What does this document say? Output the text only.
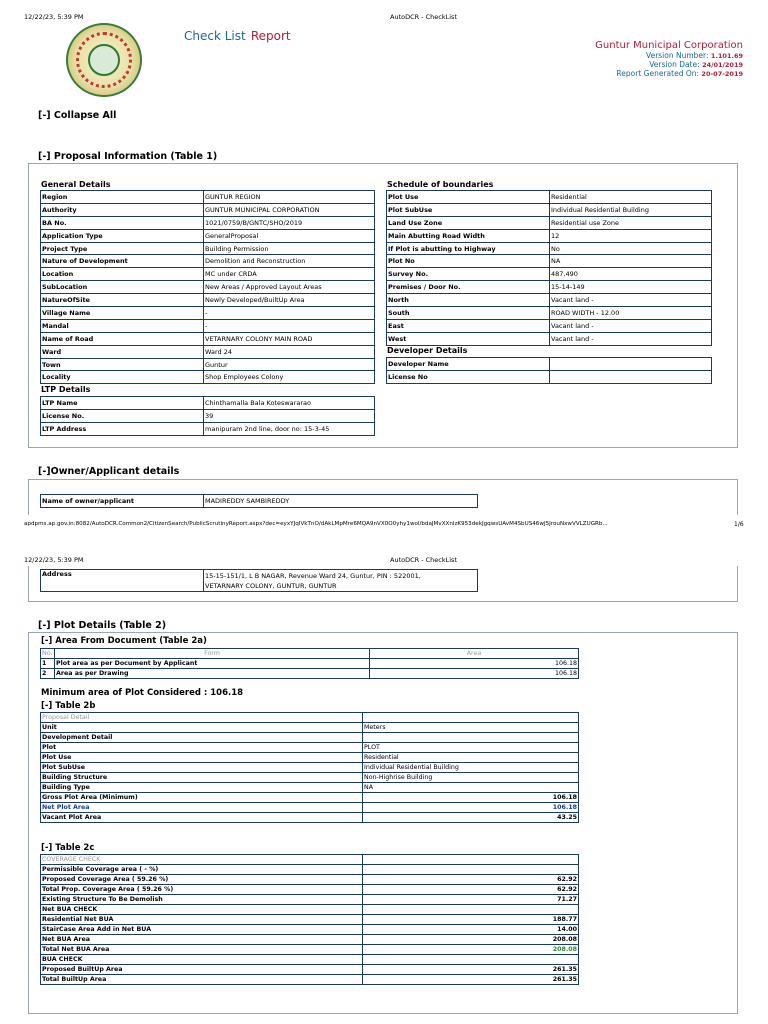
12/22/23, 5:39 PM	AutoDCR - CheckList
Check List Report
Guntur Municipal Corporation
Version Number: 1.101.69
Version Date: 24/01/2019
Report Generated On: 20-07-2019
[-] Collapse All
[-] Proposal Information (Table 1)
General Details
Region	GUNTUR REGION
Authority	GUNTUR MUNICIPAL CORPORATION
BA No.	1021/0759/B/GNTC/SHO/2019
Application Type	GeneralProposal
Project Type	Building Permission
Nature of Development	Demolition and Reconstruction
Location	MC under CRDA
SubLocation	New Areas / Approved Layout Areas
NatureOfSite	Newly Developed/BuiltUp Area
Village Name	-
Mandal	-
Name of Road	VETARNARY COLONY MAIN ROAD
Ward	Ward 24
Town	Guntur
Locality	Shop Employees Colony
LTP Details
LTP Name	Chinthamalla Bala Koteswararao
License No.	39
LTP Address	manipuram 2nd line, door no: 15-3-45
Schedule of boundaries
Plot Use	Residential
Plot SubUse	Individual Residential Building
Land Use Zone	Residential use Zone
Main Abutting Road Width	12
If Plot is abutting to Highway	No
Plot No	NA
Survey No.	487,490
Premises / Door No.	15-14-149
North	Vacant land -
South	ROAD WIDTH - 12.00
East	Vacant land -
West	Vacant land -
Developer Details
Developer Name	
License No	
[-]Owner/Applicant details
Name of owner/applicant	MADIREDDY SAMBIREDDY
apdpms.ap.gov.in:8082/AutoDCR.Common2/CitizenSearch/PublicScrutinyReport.aspx?dec=eyxYJqIVkTnO/dAkLMpMre6MQA9nVX0O0yhy1wol/bdaJMvXXnlzK953dekJgqwsUAvM4SbUS46wJ5JrouNxwVVLZUGRb...	1/6
12/22/23, 5:39 PM	AutoDCR - CheckList
Address	15-15-151/1, L B NAGAR, Revenue Ward 24, Guntur, PIN : 522001,
VETARNARY COLONY, GUNTUR, GUNTUR
[-] Plot Details (Table 2)
[-] Area From Document (Table 2a)
No.	Form	Area
1	Plot area as per Document by Applicant	106.18
2	Area as per Drawing	106.18
Minimum area of Plot Considered : 106.18
[-] Table 2b
Proposal Detail	
Unit	Meters
Development Detail	
Plot	PLOT
Plot Use	Residential
Plot SubUse	Individual Residential Building
Building Structure	Non-Highrise Building
Building Type	NA
Gross Plot Area (Minimum)	106.18
Net Plot Area	106.18
Vacant Plot Area	43.25
[-] Table 2c
COVERAGE CHECK	
Permissible Coverage area ( - %)	
Proposed Coverage Area ( 59.26 %)	62.92
Total Prop. Coverage Area ( 59.26 %)	62.92
Existing Structure To Be Demolish	71.27
Net BUA CHECK	
Residential Net BUA	188.77
StairCase Area Add in Net BUA	14.00
Net BUA Area	208.08
Total Net BUA Area	208.08
BUA CHECK	
Proposed BuiltUp Area	261.35
Total BuiltUp Area	261.35
